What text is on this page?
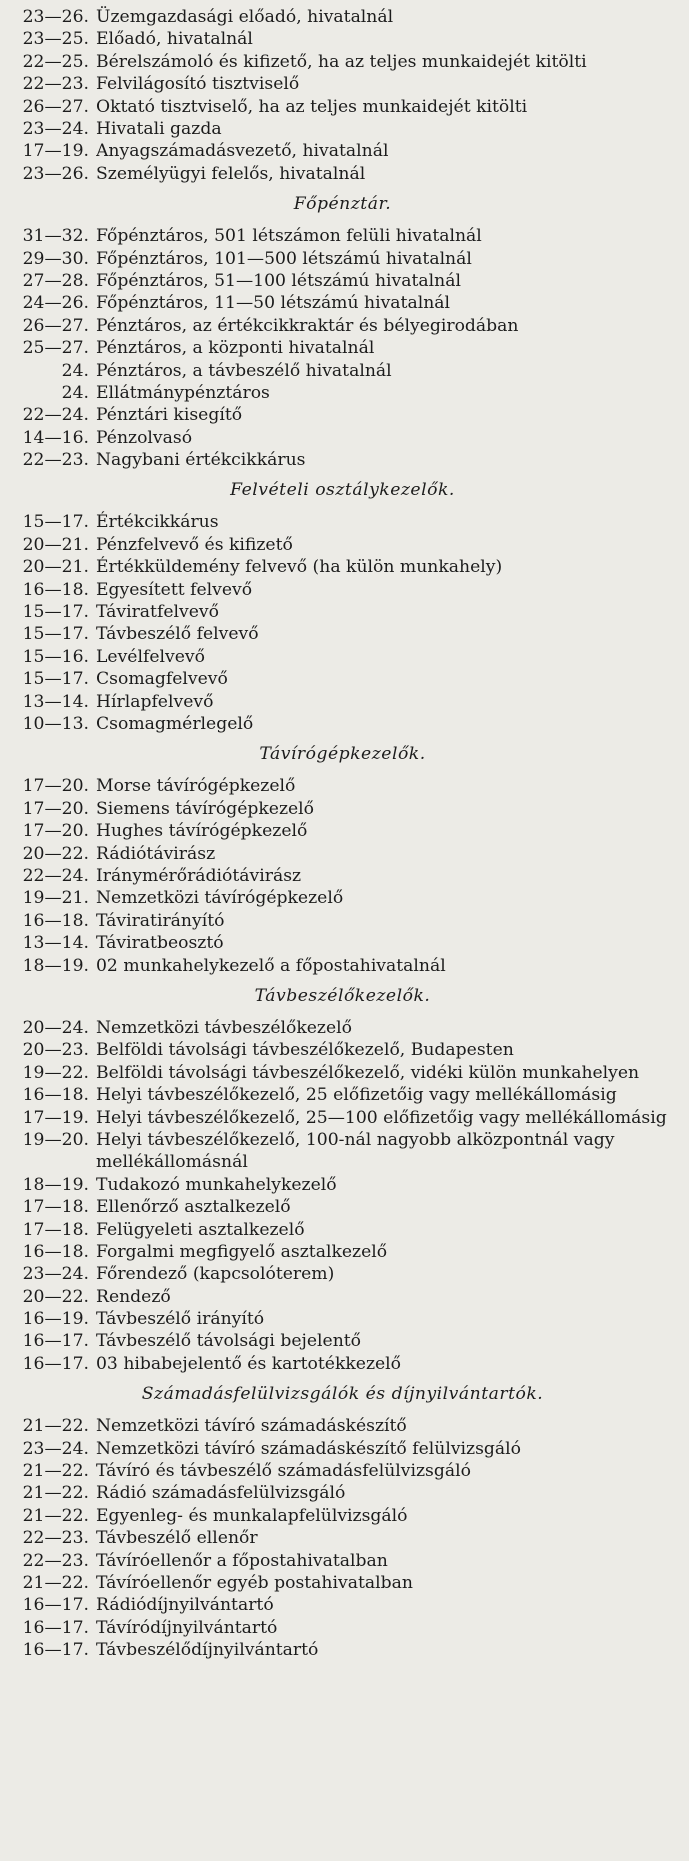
23—26. Üzemgazdasági előadó, hivatalnál
23—25. Előadó, hivatalnál
22—25. Bérelszámoló és kifizető, ha az teljes munkaidejét kitölti
22—23. Felvilágosító tisztviselő
26—27. Oktató tisztviselő, ha az teljes munkaidejét kitölti
23—24. Hivatali gazda
17—19. Anyagszámadásvezető, hivatalnál
23—26. Személyügyi felelős, hivatalnál
Főpénztár.
31—32. Főpénztáros, 501 létszámon felüli hivatalnál
29—30. Főpénztáros, 101—500 létszámú hivatalnál
27—28. Főpénztáros, 51—100 létszámú hivatalnál
24—26. Főpénztáros, 11—50 létszámú hivatalnál
26—27. Pénztáros, az értékcikkraktár és bélyegirodában
25—27. Pénztáros, a központi hivatalnál
24. Pénztáros, a távbeszélő hivatalnál
24. Ellátmánypénztáros
22—24. Pénztári kisegítő
14—16. Pénzolvasó
22—23. Nagybani értékcikkárus
Felvételi osztálykezelők.
15—17. Értékcikkárus
20—21. Pénzfelvevő és kifizető
20—21. Értékküldemény felvevő (ha külön munkahely)
16—18. Egyesített felvevő
15—17. Táviratfelvevő
15—17. Távbeszélő felvevő
15—16. Levélfelvevő
15—17. Csomagfelvevő
13—14. Hírlapfelvevő
10—13. Csomagmérlegelő
Távírógépkezelők.
17—20. Morse távírógépkezelő
17—20. Siemens távírógépkezelő
17—20. Hughes távírógépkezelő
20—22. Rádiótávirász
22—24. Iránymérőrádiótávirász
19—21. Nemzetközi távírógépkezelő
16—18. Táviratirányító
13—14. Táviratbeosztó
18—19. 02 munkahelykezelő a főpostahivatalnál
Távbeszélőkezelők.
20—24. Nemzetközi távbeszélőkezelő
20—23. Belföldi távolsági távbeszélőkezelő, Budapesten
19—22. Belföldi távolsági távbeszélőkezelő, vidéki külön munkahelyen
16—18. Helyi távbeszélőkezelő, 25 előfizetőig vagy mellékállomásig
17—19. Helyi távbeszélőkezelő, 25—100 előfizetőig vagy mellékállomásig
19—20. Helyi távbeszélőkezelő, 100-nál nagyobb alközpontnál vagy mellékállomásnál
18—19. Tudakozó munkahelykezelő
17—18. Ellenőrző asztalkezelő
17—18. Felügyeleti asztalkezelő
16—18. Forgalmi megfigyelő asztalkezelő
23—24. Főrendező (kapcsolóterem)
20—22. Rendező
16—19. Távbeszélő irányító
16—17. Távbeszélő távolsági bejelentő
16—17. 03 hibabejelentő és kartotékkezelő
Számadásfelülvizsgálók és díjnyilvántartók.
21—22. Nemzetközi távíró számadáskészítő
23—24. Nemzetközi távíró számadáskészítő felülvizsgáló
21—22. Távíró és távbeszélő számadásfelülvizsgáló
21—22. Rádió számadásfelülvizsgáló
21—22. Egyenleg- és munkalapfelülvizsgáló
22—23. Távbeszélő ellenőr
22—23. Távíróellenőr a főpostahivatalban
21—22. Távíróellenőr egyéb postahivatalban
16—17. Rádiódíjnyilvántartó
16—17. Távíródíjnyilvántartó
16—17. Távbeszélődíjnyilvántartó
